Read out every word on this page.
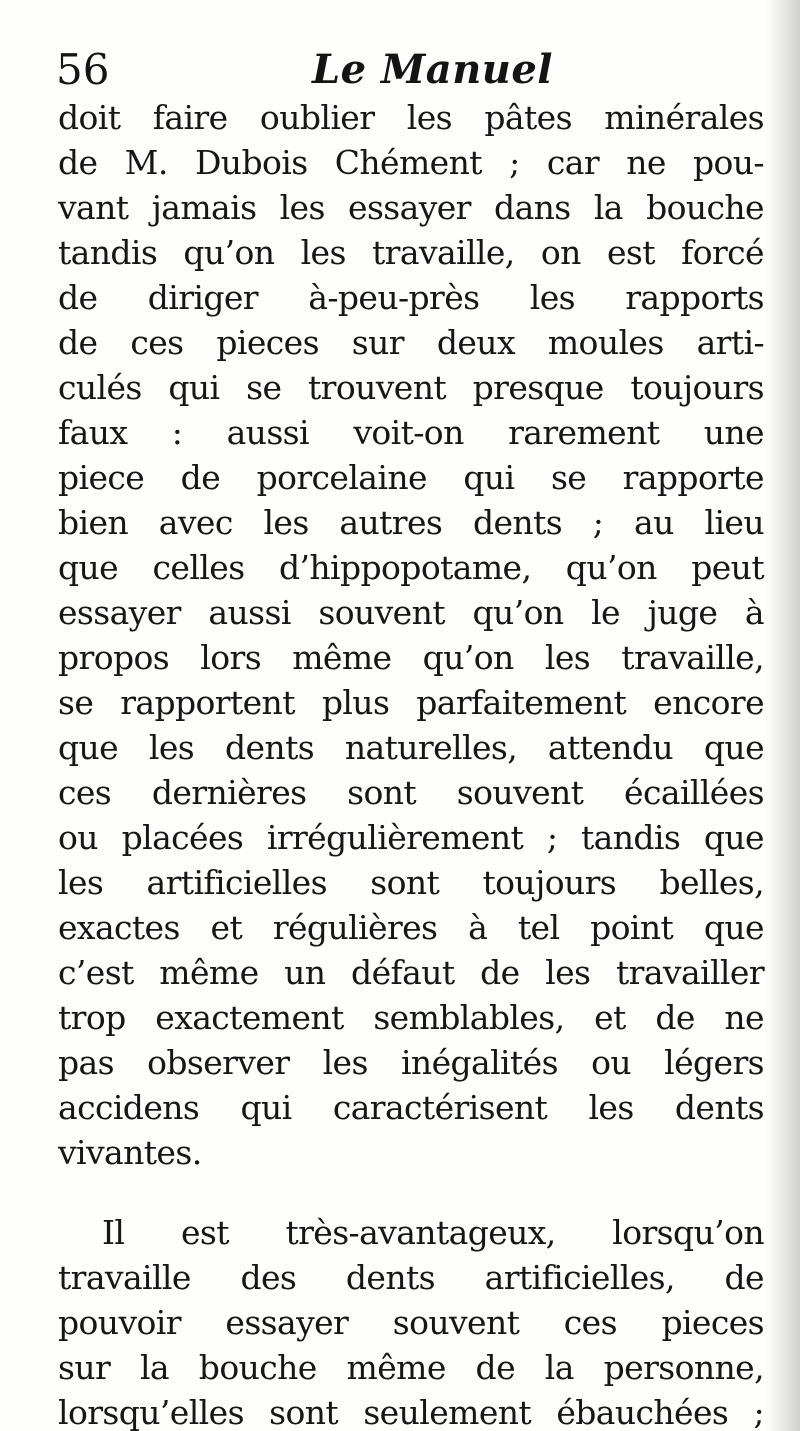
56	Le Manuel
doit faire oublier les pâtes minérales
de M. Dubois Chément ; car ne pou-
vant jamais les essayer dans la bouche
tandis qu’on les travaille, on est forcé
de diriger à-peu-près les rapports
de ces pieces sur deux moules arti-
culés qui se trouvent presque toujours
faux : aussi voit-on rarement une
piece de porcelaine qui se rapporte
bien avec les autres dents ; au lieu
que celles d’hippopotame, qu’on peut
essayer aussi souvent qu’on le juge à
propos lors même qu’on les travaille,
se rapportent plus parfaitement encore
que les dents naturelles, attendu que
ces dernières sont souvent écaillées
ou placées irrégulièrement ; tandis que
les artificielles sont toujours belles,
exactes et régulières à tel point que
c’est même un défaut de les travailler
trop exactement semblables, et de ne
pas observer les inégalités ou légers
accidens qui caractérisent les dents
vivantes.
Il est très-avantageux, lorsqu’on
travaille des dents artificielles, de
pouvoir essayer souvent ces pieces
sur la bouche même de la personne,
lorsqu’elles sont seulement ébauchées ;
